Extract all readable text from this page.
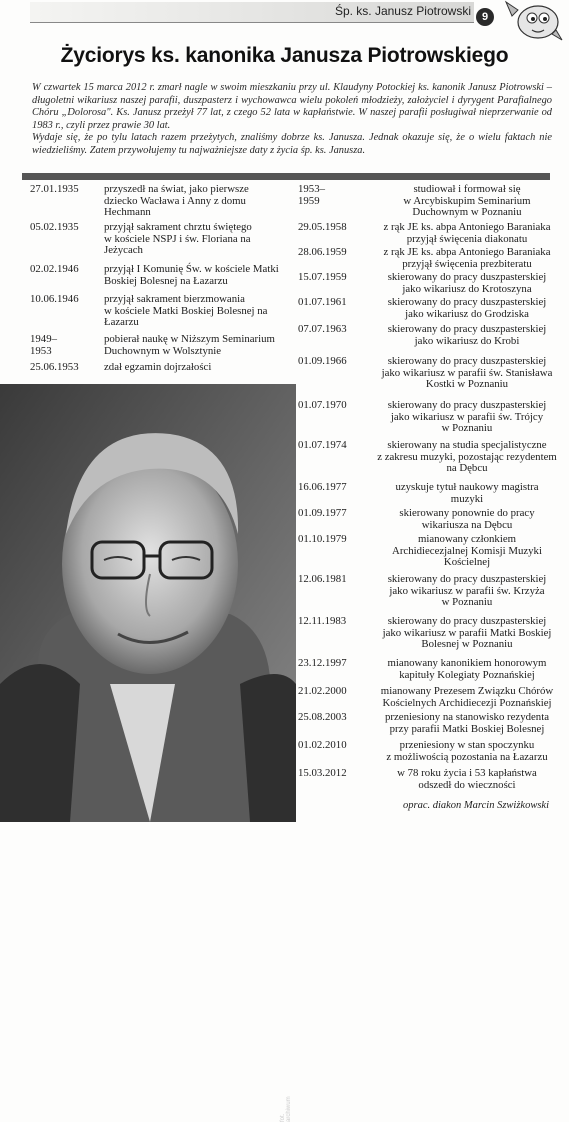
Śp. ks. Janusz Piotrowski 9
Życiorys ks. kanonika Janusza Piotrowskiego

W czwartek 15 marca 2012 r. zmarł nagle w swoim mieszkaniu przy ul. Klaudyny Potockiej ks. kanonik Janusz Piotrowski – długoletni wikariusz naszej parafii, duszpasterz i wychowawca wielu pokoleń młodzieży, założyciel i dyrygent Parafialnego Chóru „Dolorosa". Ks. Janusz przeżył 77 lat, z czego 52 lata w kapłaństwie. W naszej parafii posługiwał nieprzerwanie od 1983 r., czyli przez prawie 30 lat.

Wydaje się, że po tylu latach razem przeżytych, znaliśmy dobrze ks. Janusza. Jednak okazuje się, że o wielu faktach nie wiedzieliśmy. Zatem przywołujemy tu najważniejsze daty z życia śp. ks. Janusza.

fot. archiwum
27.01.1935 przyszedł na świat, jako pierwsze
dziecko Wacława i Anny z domu
Hechmann
05.02.1935 przyjął sakrament chrztu świętego
w kościele NSPJ i św. Floriana na
Jeżycach
02.02.1946 przyjął I Komunię Św. w kościele Matki
Boskiej Bolesnej na Łazarzu
10.06.1946 przyjął sakrament bierzmowania
w kościele Matki Boskiej Bolesnej na
Łazarzu
1949–1953
pobierał naukę w Niższym Seminarium
Duchownym w Wolsztynie
25.06.1953 zdał egzamin dojrzałości
1953–1959
studiował i formował się
w Arcybiskupim Seminarium
Duchownym w Poznaniu
29.05.1958	z rąk JE ks. abpa Antoniego Baraniaka
przyjął święcenia diakonatu
28.06.1959	z rąk JE ks. abpa Antoniego Baraniaka
przyjął święcenia prezbiteratu
15.07.1959	skierowany do pracy duszpasterskiej
jako wikariusz do Krotoszyna
01.07.1961	skierowany do pracy duszpasterskiej
jako wikariusz do Grodziska
07.07.1963	skierowany do pracy duszpasterskiej
jako wikariusz do Krobi
01.09.1966	skierowany do pracy duszpasterskiej
jako wikariusz w parafii św. Stanisława
Kostki w Poznaniu
01.07.1970	skierowany do pracy duszpasterskiej
jako wikariusz w parafii św. Trójcy
w Poznaniu
01.07.1974	skierowany na studia specjalistyczne
z zakresu muzyki, pozostając rezydentem
na Dębcu
16.06.1977	uzyskuje tytuł naukowy magistra
muzyki
01.09.1977	skierowany ponownie do pracy
wikariusza na Dębcu
01.10.1979	mianowany członkiem
Archidiecezjalnej Komisji Muzyki
Kościelnej
12.06.1981	skierowany do pracy duszpasterskiej
jako wikariusz w parafii św. Krzyża
w Poznaniu
12.11.1983	skierowany do pracy duszpasterskiej
jako wikariusz w parafii Matki Boskiej
Bolesnej w Poznaniu
23.12.1997	mianowany kanonikiem honorowym
kapituły Kolegiaty Poznańskiej
21.02.2000	mianowany Prezesem Związku Chórów
Kościelnych Archidiecezji Poznańskiej
25.08.2003	przeniesiony na stanowisko rezydenta
przy parafii Matki Boskiej Bolesnej
01.02.2010	przeniesiony w stan spoczynku
z możliwością pozostania na Łazarzu
15.03.2012	w 78 roku życia i 53 kapłaństwa
odszedł do wieczności
oprac. diakon Marcin Szwiżkowski
